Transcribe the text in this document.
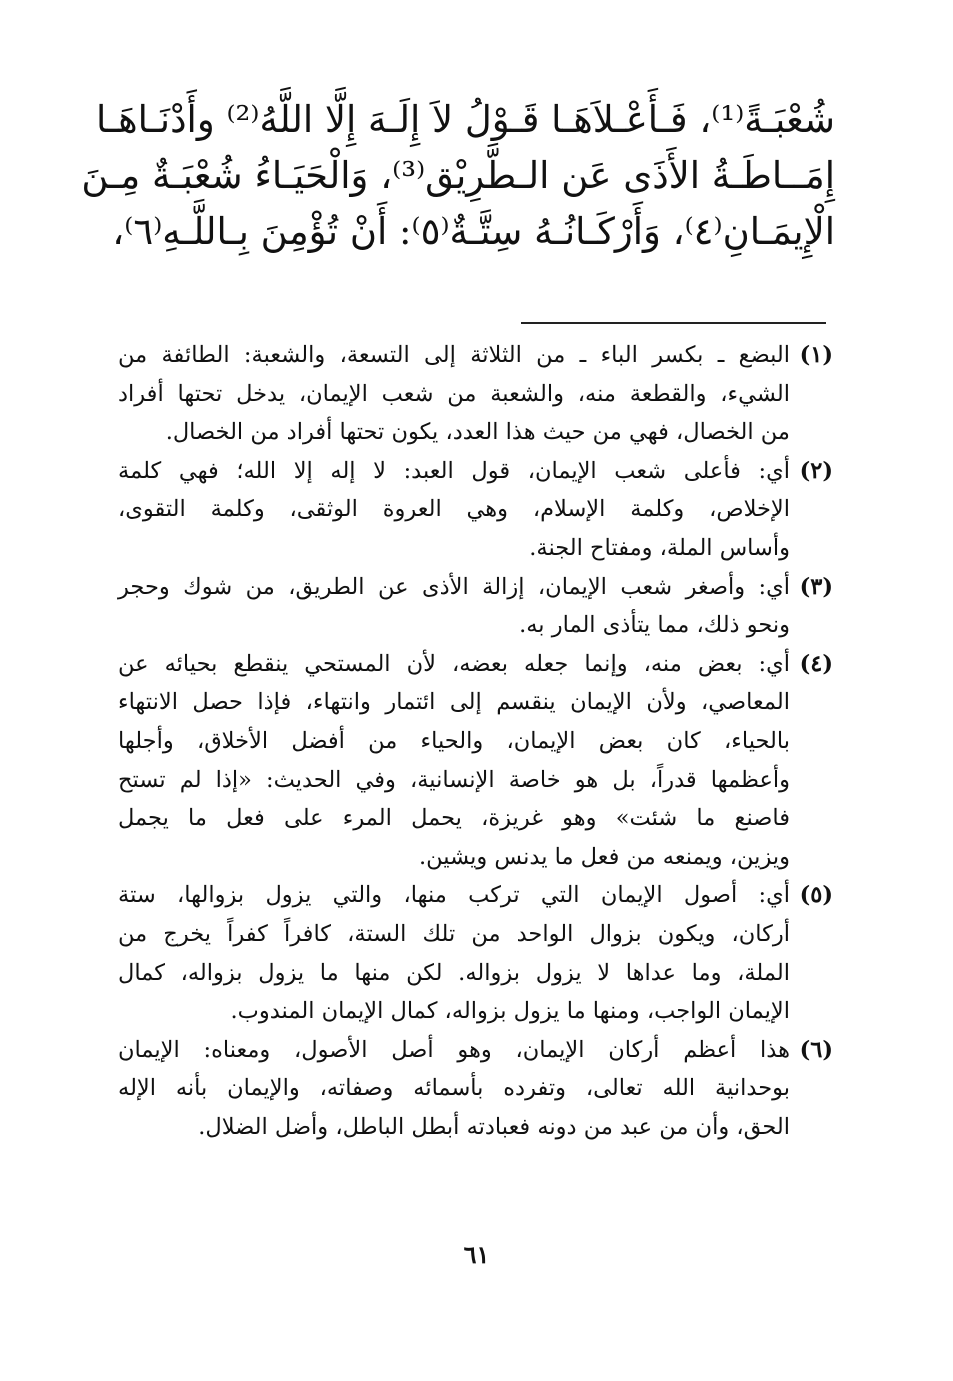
شُعْبَـةً⁽¹⁾، فَـأَعْـلاَهَـا قَـوْلُ لاَ إِلَـهَ إِلَّا اللَّهُ⁽²⁾ وأَدْنَـاهَـا
إِمَــاطَـةُ الأَذَى عَن الـطَّرِيْق⁽³⁾، وَالْحَيَـاءُ شُعْبَـةٌ مِـنَ
الْإِيمَـانِ⁽٤⁾، وَأَرْكَـانُـهُ سِتَّـةٌ⁽٥⁾: أَنْ تُؤْمِنَ بِـاللَّـهِ⁽٦⁾،
(١)
البضع ـ بكسر الباء ـ من الثلاثة إلى التسعة، والشعبة: الطائفة من
الشيء، والقطعة منه، والشعبة من شعب الإيمان، يدخل تحتها أفراد
من الخصال، فهي من حيث هذا العدد، يكون تحتها أفراد من الخصال.
(٢)
أي: فأعلى شعب الإيمان، قول العبد: لا إله إلا الله؛ فهي كلمة
الإخلاص، وكلمة الإسلام، وهي العروة الوثقى، وكلمة التقوى،
وأساس الملة، ومفتاح الجنة.
(٣)
أي: وأصغر شعب الإيمان، إزالة الأذى عن الطريق، من شوك وحجر
ونحو ذلك، مما يتأذى المار به.
(٤)
أي: بعض منه، وإنما جعله بعضه، لأن المستحي ينقطع بحيائه عن
المعاصي، ولأن الإيمان ينقسم إلى ائتمار وانتهاء، فإذا حصل الانتهاء
بالحياء، كان بعض الإيمان، والحياء من أفضل الأخلاق، وأجلها
وأعظمها قدراً، بل هو خاصة الإنسانية، وفي الحديث: «إذا لم تستح
فاصنع ما شئت» وهو غريزة، يحمل المرء على فعل ما يجمل
ويزين، ويمنعه من فعل ما يدنس ويشين.
(٥)
أي: أصول الإيمان التي تركب منها، والتي يزول بزوالها، ستة
أركان، ويكون بزوال الواحد من تلك الستة، كافراً كفراً يخرج من
الملة، وما عداها لا يزول بزواله. لكن منها ما يزول بزواله، كمال
الإيمان الواجب، ومنها ما يزول بزواله، كمال الإيمان المندوب.
(٦)
هذا أعظم أركان الإيمان، وهو أصل الأصول، ومعناه: الإيمان
بوحدانية الله تعالى، وتفرده بأسمائه وصفاته، والإيمان بأنه الإله
الحق، وأن من عبد من دونه فعبادته أبطل الباطل، وأضل الضلال.
٦١
